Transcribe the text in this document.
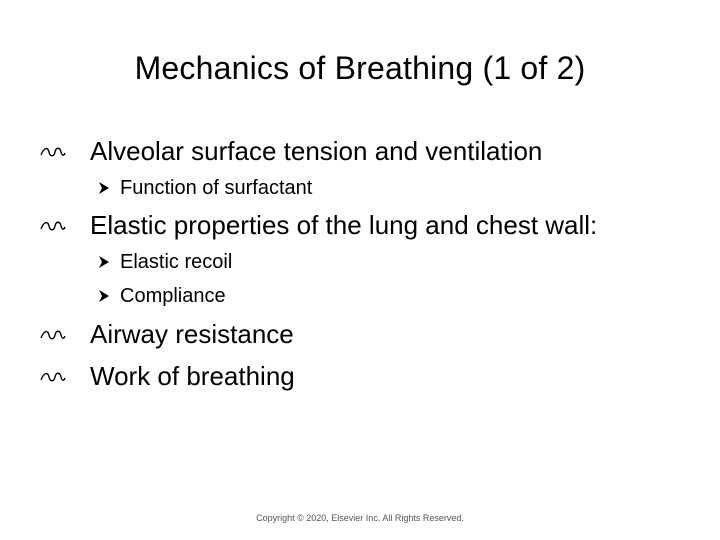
Mechanics of Breathing (1 of 2)
Alveolar surface tension and ventilation
Function of surfactant
Elastic properties of the lung and chest wall:
Elastic recoil
Compliance
Airway resistance
Work of breathing
Copyright © 2020, Elsevier Inc. All Rights Reserved.
